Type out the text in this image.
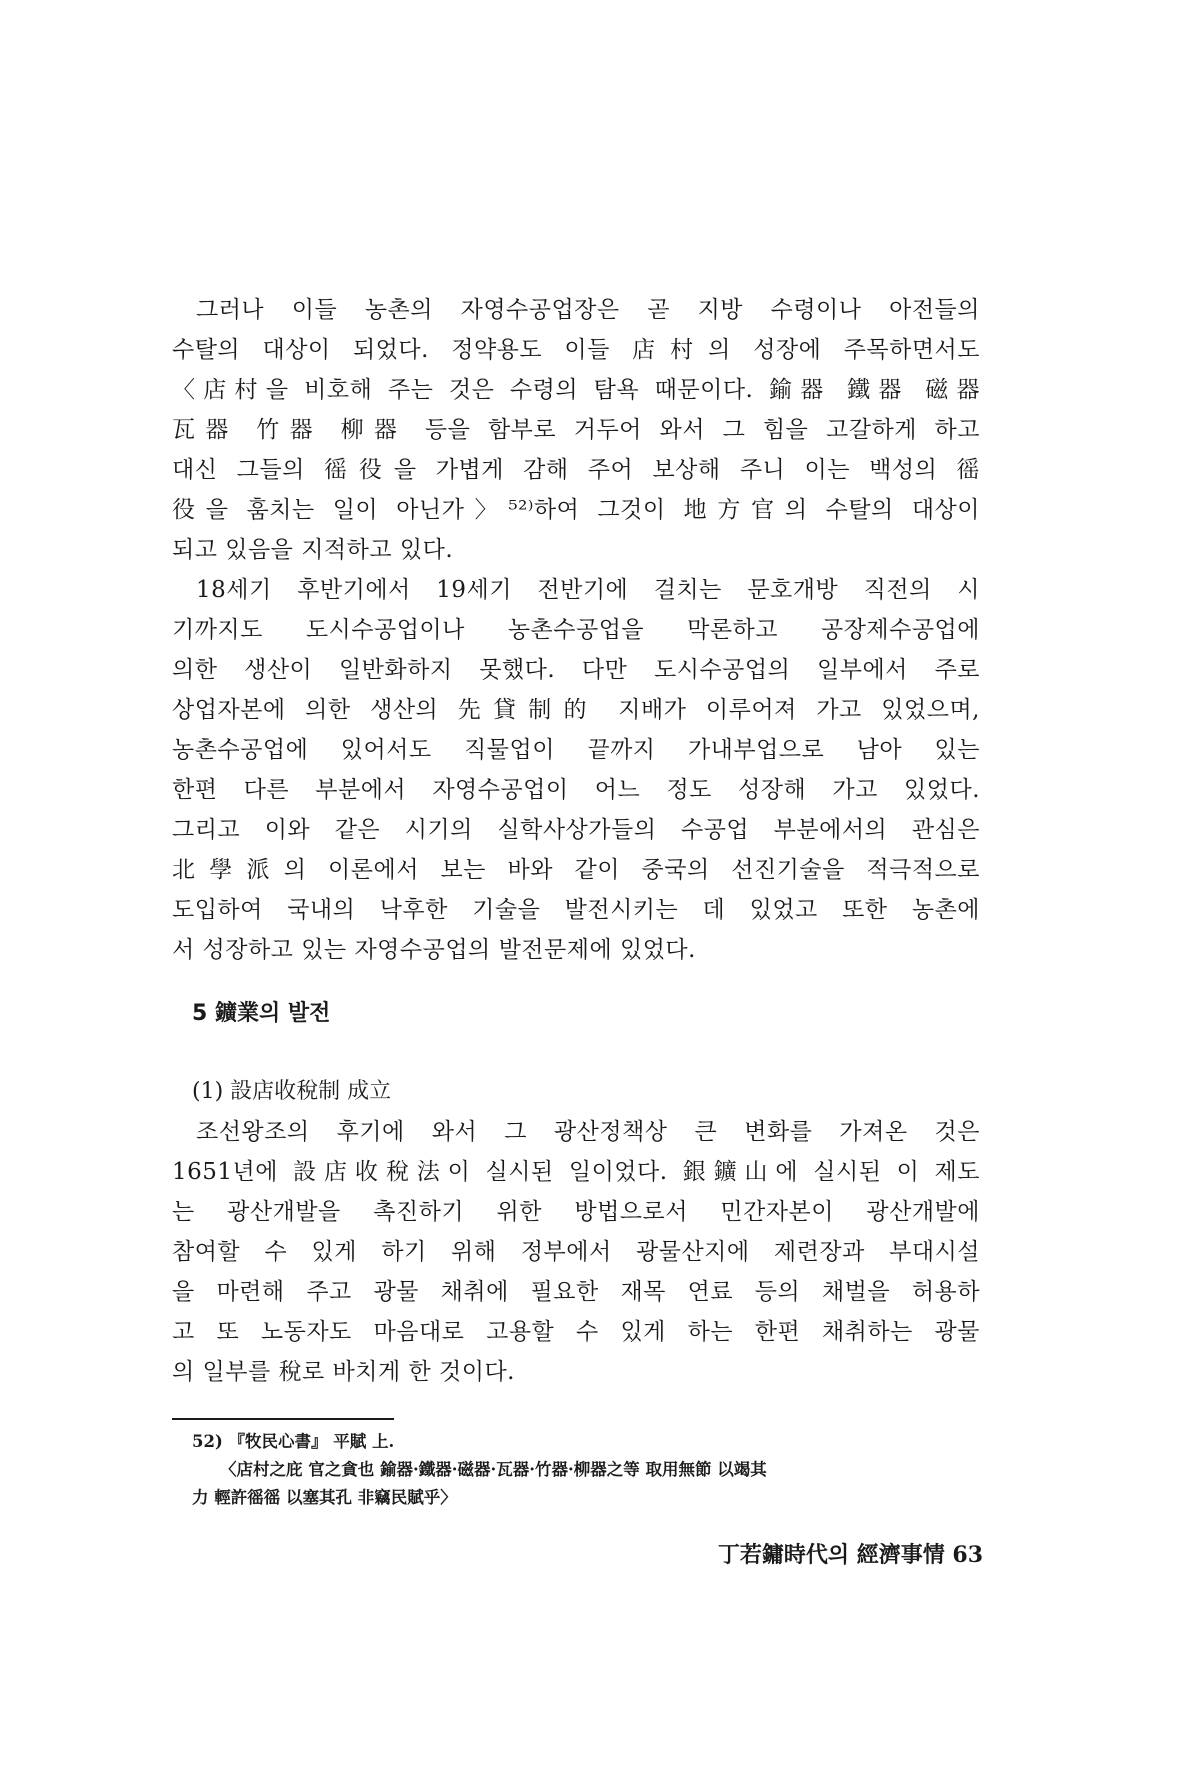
그러나 이들 농촌의 자영수공업장은 곧 지방 수령이나 아전들의
수탈의 대상이 되었다. 정약용도 이들 店村의 성장에 주목하면서도
〈店村을 비호해 주는 것은 수령의 탐욕 때문이다. 鍮器 鐵器 磁器
瓦器 竹器 柳器 등을 함부로 거두어 와서 그 힘을 고갈하게 하고
대신 그들의 徭役을 가볍게 감해 주어 보상해 주니 이는 백성의 徭
役을 훔치는 일이 아닌가〉⁵²⁾하여 그것이 地方官의 수탈의 대상이
되고 있음을 지적하고 있다.
18세기 후반기에서 19세기 전반기에 걸치는 문호개방 직전의 시
기까지도 도시수공업이나 농촌수공업을 막론하고 공장제수공업에
의한 생산이 일반화하지 못했다. 다만 도시수공업의 일부에서 주로
상업자본에 의한 생산의 先貸制的 지배가 이루어져 가고 있었으며,
농촌수공업에 있어서도 직물업이 끝까지 가내부업으로 남아 있는
한편 다른 부분에서 자영수공업이 어느 정도 성장해 가고 있었다.
그리고 이와 같은 시기의 실학사상가들의 수공업 부분에서의 관심은
北學派의 이론에서 보는 바와 같이 중국의 선진기술을 적극적으로
도입하여 국내의 낙후한 기술을 발전시키는 데 있었고 또한 농촌에
서 성장하고 있는 자영수공업의 발전문제에 있었다.
5 鑛業의 발전
(1) 設店收稅制 成立
조선왕조의 후기에 와서 그 광산정책상 큰 변화를 가져온 것은
1651년에 設店收稅法이 실시된 일이었다. 銀鑛山에 실시된 이 제도
는 광산개발을 촉진하기 위한 방법으로서 민간자본이 광산개발에
참여할 수 있게 하기 위해 정부에서 광물산지에 제련장과 부대시설
을 마련해 주고 광물 채취에 필요한 재목 연료 등의 채벌을 허용하
고 또 노동자도 마음대로 고용할 수 있게 하는 한편 채취하는 광물
의 일부를 稅로 바치게 한 것이다.
52) 『牧民心書』 平賦 上.
〈店村之庇 官之貪也 鍮器·鐵器·磁器·瓦器·竹器·柳器之等 取用無節 以竭其
力 輕許徭徭 以塞其孔 非竊民賦乎〉
丁若鏞時代의 經濟事情 63
